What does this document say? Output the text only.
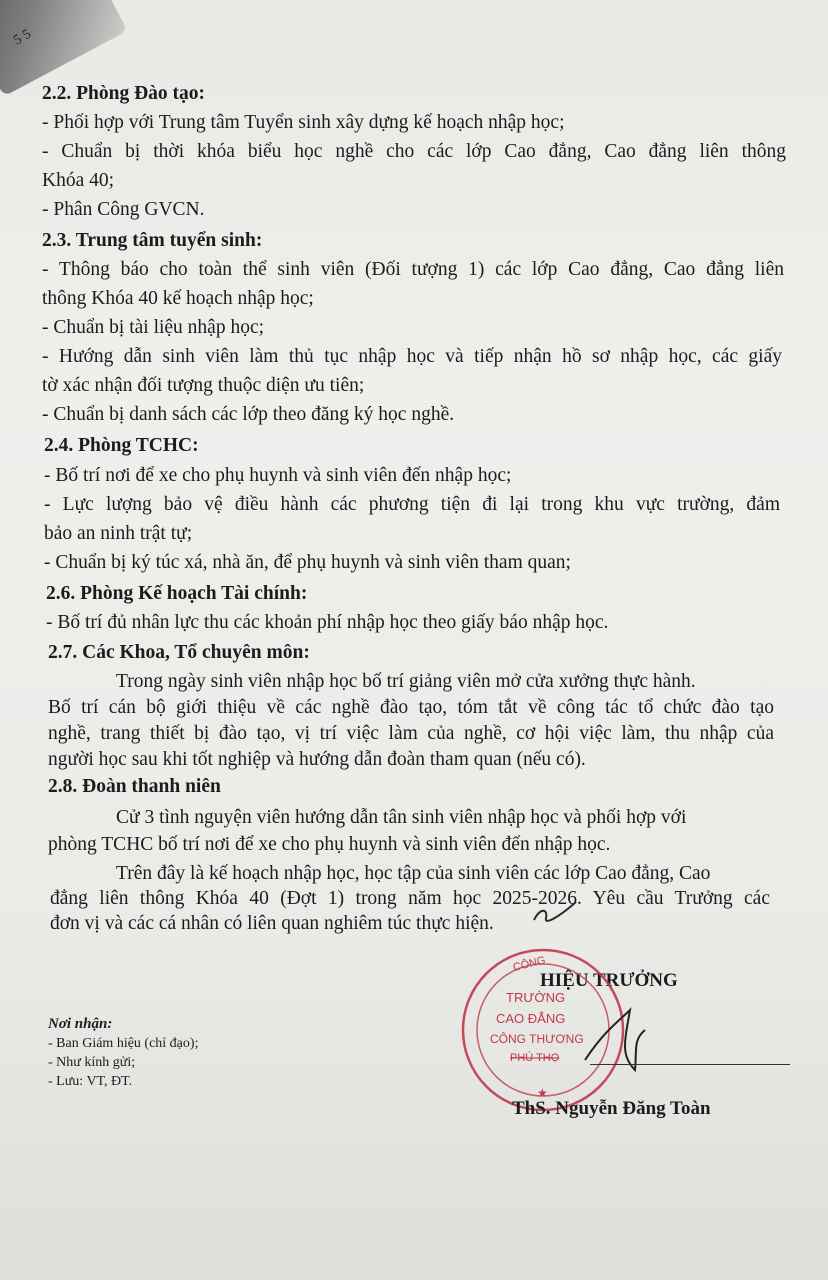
5 5
2.2. Phòng Đào tạo:
- Phối hợp với Trung tâm Tuyển sinh xây dựng kế hoạch nhập học;
- Chuẩn bị thời khóa biểu học nghề cho các lớp Cao đẳng, Cao đẳng liên thông
Khóa 40;
- Phân Công GVCN.
2.3. Trung tâm tuyển sinh:
- Thông báo cho toàn thể sinh viên (Đối tượng 1) các lớp Cao đẳng, Cao đẳng liên
thông Khóa 40 kế hoạch nhập học;
- Chuẩn bị tài liệu nhập học;
- Hướng dẫn sinh viên làm thủ tục nhập học và tiếp nhận hồ sơ nhập học, các giấy
tờ xác nhận đối tượng thuộc diện ưu tiên;
- Chuẩn bị danh sách các lớp theo đăng ký học nghề.
2.4. Phòng TCHC:
- Bố trí nơi để xe cho phụ huynh và sinh viên đến nhập học;
- Lực lượng bảo vệ điều hành các phương tiện đi lại trong khu vực trường, đảm
bảo an ninh trật tự;
- Chuẩn bị ký túc xá, nhà ăn, để phụ huynh và sinh viên tham quan;
2.6. Phòng Kế hoạch Tài chính:
- Bố trí đủ nhân lực thu các khoản phí nhập học theo giấy báo nhập học.
2.7. Các Khoa, Tổ chuyên môn:
Trong ngày sinh viên nhập học bố trí giảng viên mở cửa xưởng thực hành.
Bố trí cán bộ giới thiệu về các nghề đào tạo, tóm tắt về công tác tổ chức đào tạo
nghề, trang thiết bị đào tạo, vị trí việc làm của nghề, cơ hội việc làm, thu nhập của
người học sau khi tốt nghiệp và hướng dẫn đoàn tham quan (nếu có).
2.8. Đoàn thanh niên
Cử 3 tình nguyện viên hướng dẫn tân sinh viên nhập học và phối hợp với
phòng TCHC bố trí nơi để xe cho phụ huynh và sinh viên đến nhập học.
Trên đây là kế hoạch nhập học, học tập của sinh viên các lớp Cao đẳng, Cao
đẳng liên thông Khóa 40 (Đợt 1) trong năm học 2025-2026. Yêu cầu Trưởng các
đơn vị và các cá nhân có liên quan nghiêm túc thực hiện.
Nơi nhận:
- Ban Giám hiệu (chỉ đạo);
- Như kính gửi;
- Lưu: VT, ĐT.
HIỆU TRƯỞNG
CÔNG
TRƯỜNG
CAO ĐẲNG
CÔNG THƯƠNG
PHÚ THỌ
★
ThS. Nguyễn Đăng Toàn
